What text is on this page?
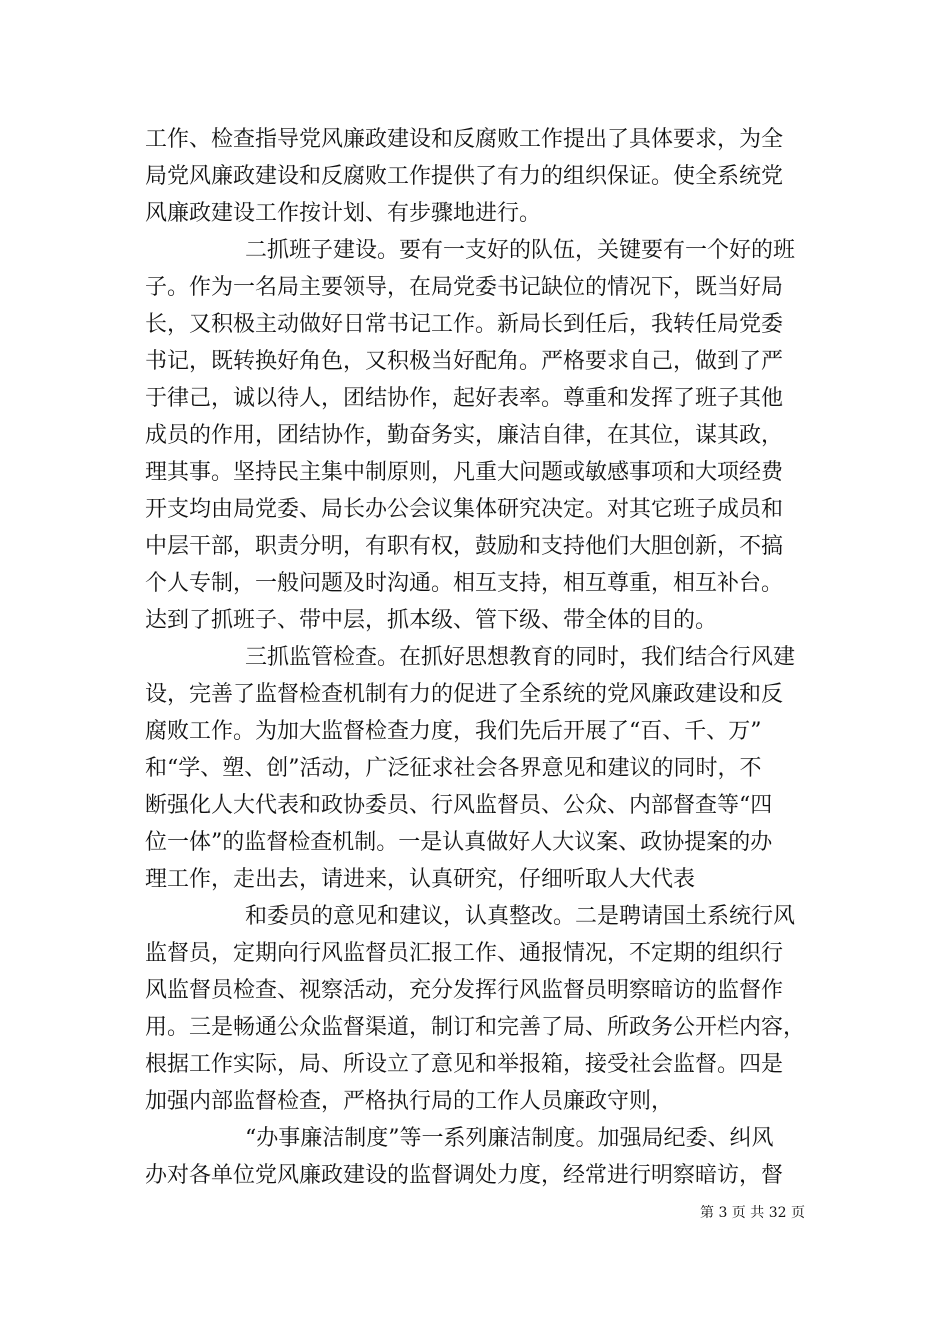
工作、检查指导党风廉政建设和反腐败工作提出了具体要求，为全
局党风廉政建设和反腐败工作提供了有力的组织保证。使全系统党
风廉政建设工作按计划、有步骤地进行。
二抓班子建设。要有一支好的队伍，关键要有一个好的班
子。作为一名局主要领导，在局党委书记缺位的情况下，既当好局
长，又积极主动做好日常书记工作。新局长到任后，我转任局党委
书记，既转换好角色，又积极当好配角。严格要求自己，做到了严
于律己，诚以待人，团结协作，起好表率。尊重和发挥了班子其他
成员的作用，团结协作，勤奋务实，廉洁自律，在其位，谋其政，
理其事。坚持民主集中制原则，凡重大问题或敏感事项和大项经费
开支均由局党委、局长办公会议集体研究决定。对其它班子成员和
中层干部，职责分明，有职有权，鼓励和支持他们大胆创新，不搞
个人专制，一般问题及时沟通。相互支持，相互尊重，相互补台。
达到了抓班子、带中层，抓本级、管下级、带全体的目的。
三抓监管检查。在抓好思想教育的同时，我们结合行风建
设，完善了监督检查机制有力的促进了全系统的党风廉政建设和反
腐败工作。为加大监督检查力度，我们先后开展了“百、千、万”
和“学、塑、创”活动，广泛征求社会各界意见和建议的同时，不
断强化人大代表和政协委员、行风监督员、公众、内部督查等“四
位一体”的监督检查机制。一是认真做好人大议案、政协提案的办
理工作，走出去，请进来，认真研究，仔细听取人大代表
和委员的意见和建议，认真整改。二是聘请国土系统行风
监督员，定期向行风监督员汇报工作、通报情况，不定期的组织行
风监督员检查、视察活动，充分发挥行风监督员明察暗访的监督作
用。三是畅通公众监督渠道，制订和完善了局、所政务公开栏内容，
根据工作实际，局、所设立了意见和举报箱，接受社会监督。四是
加强内部监督检查，严格执行局的工作人员廉政守则，
“办事廉洁制度”等一系列廉洁制度。加强局纪委、纠风
办对各单位党风廉政建设的监督调处力度，经常进行明察暗访，督
第 3 页 共 32 页
